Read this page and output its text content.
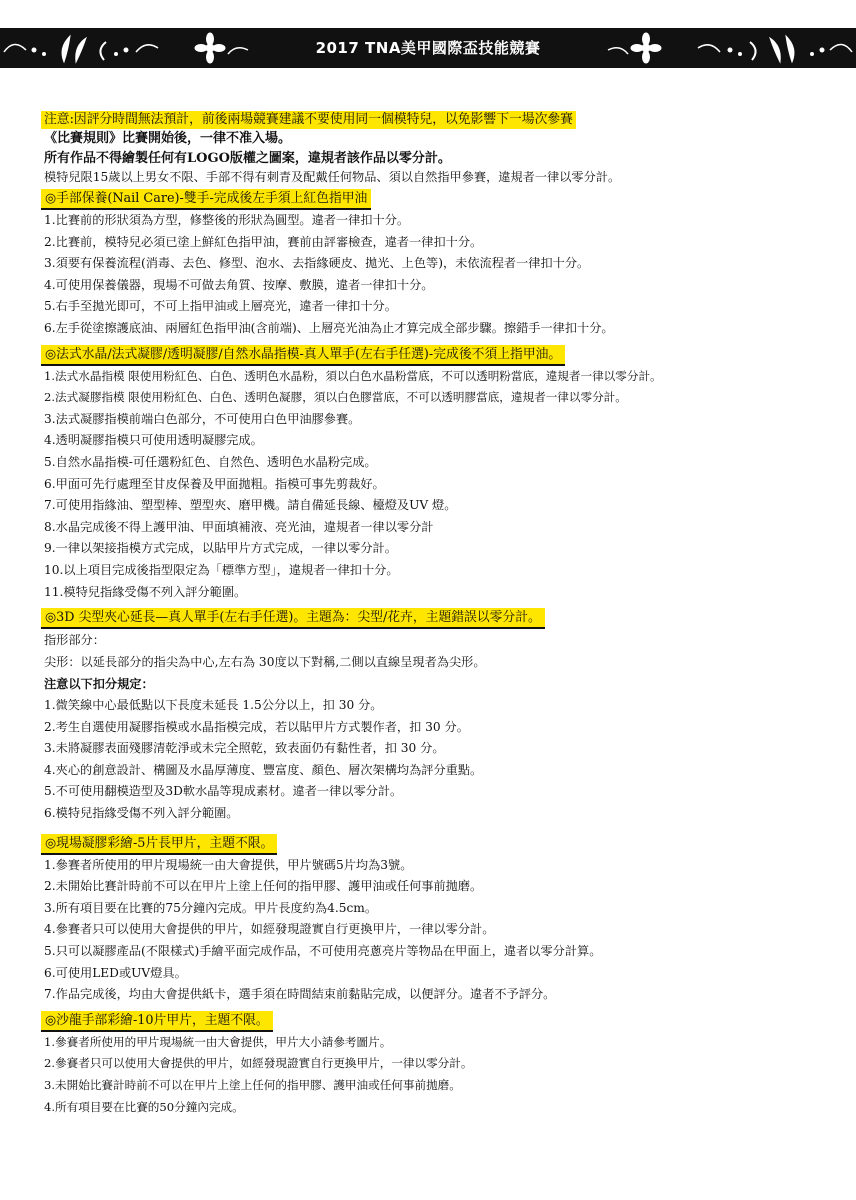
2017 TNA美甲國際盃技能競賽
注意:因評分時間無法預計，前後兩場競賽建議不要使用同一個模特兒，以免影響下一場次參賽
《比賽規則》比賽開始後，一律不准入場。
所有作品不得繪製任何有LOGO版權之圖案，違規者該作品以零分計。
模特兒限15歲以上男女不限、手部不得有刺青及配戴任何物品、須以自然指甲參賽，違規者一律以零分計。
◎手部保養(Nail Care)-雙手-完成後左手須上紅色指甲油
1.比賽前的形狀須為方型，修整後的形狀為圓型。違者一律扣十分。
2.比賽前，模特兒必須已塗上鮮紅色指甲油，賽前由評審檢查，違者一律扣十分。
3.須要有保養流程(消毒、去色、修型、泡水、去指緣硬皮、拋光、上色等)，未依流程者一律扣十分。
4.可使用保養儀器，現場不可做去角質、按摩、敷膜，違者一律扣十分。
5.右手至拋光即可，不可上指甲油或上層亮光，違者一律扣十分。
6.左手從塗擦護底油、兩層紅色指甲油(含前端)、上層亮光油為止才算完成全部步驟。擦錯手一律扣十分。
◎法式水晶/法式凝膠/透明凝膠/自然水晶指模-真人單手(左右手任選)-完成後不須上指甲油。
1.法式水晶指模 限使用粉紅色、白色、透明色水晶粉，須以白色水晶粉當底，不可以透明粉當底，違規者一律以零分計。
2.法式凝膠指模 限使用粉紅色、白色、透明色凝膠，須以白色膠當底，不可以透明膠當底，違規者一律以零分計。
3.法式凝膠指模前端白色部分，不可使用白色甲油膠參賽。
4.透明凝膠指模只可使用透明凝膠完成。
5.自然水晶指模-可任選粉紅色、自然色、透明色水晶粉完成。
6.甲面可先行處理至甘皮保養及甲面拋粗。指模可事先剪裁好。
7.可使用指緣油、塑型棒、塑型夾、磨甲機。請自備延長線、檯燈及UV 燈。
8.水晶完成後不得上護甲油、甲面填補液、亮光油，違規者一律以零分計
9.一律以架接指模方式完成，以貼甲片方式完成，一律以零分計。
10.以上項目完成後指型限定為「標準方型」，違規者一律扣十分。
11.模特兒指緣受傷不列入評分範圍。
◎3D 尖型夾心延長—真人單手(左右手任選)。主題為：尖型/花卉，主題錯誤以零分計。
指形部分：
尖形：以延長部分的指尖為中心,左右為 30度以下對稱,二側以直線呈現者為尖形。
注意以下扣分規定：
1.微笑線中心最低點以下長度未延長 1.5公分以上，扣 30 分。
2.考生自選使用凝膠指模或水晶指模完成，若以貼甲片方式製作者，扣 30 分。
3.未將凝膠表面殘膠清乾淨或未完全照乾，致表面仍有黏性者，扣 30 分。
4.夾心的創意設計、構圖及水晶厚薄度、豐富度、顏色、層次架構均為評分重點。
5.不可使用翻模造型及3D軟水晶等現成素材。違者一律以零分計。
6.模特兒指緣受傷不列入評分範圍。
◎現場凝膠彩繪-5片長甲片，主題不限。
1.參賽者所使用的甲片現場統一由大會提供，甲片號碼5片均為3號。
2.未開始比賽計時前不可以在甲片上塗上任何的指甲膠、護甲油或任何事前拋磨。
3.所有項目要在比賽的75分鐘內完成。甲片長度約為4.5cm。
4.參賽者只可以使用大會提供的甲片，如經發現證實自行更換甲片，一律以零分計。
5.只可以凝膠產品(不限樣式)手繪平面完成作品，不可使用亮蔥亮片等物品在甲面上，違者以零分計算。
6.可使用LED或UV燈具。
7.作品完成後，均由大會提供紙卡，選手須在時間結束前黏貼完成，以便評分。違者不予評分。
◎沙龍手部彩繪-10片甲片，主題不限。
1.參賽者所使用的甲片現場統一由大會提供，甲片大小請參考圖片。
2.參賽者只可以使用大會提供的甲片，如經發現證實自行更換甲片，一律以零分計。
3.未開始比賽計時前不可以在甲片上塗上任何的指甲膠、護甲油或任何事前拋磨。
4.所有項目要在比賽的50分鐘內完成。
